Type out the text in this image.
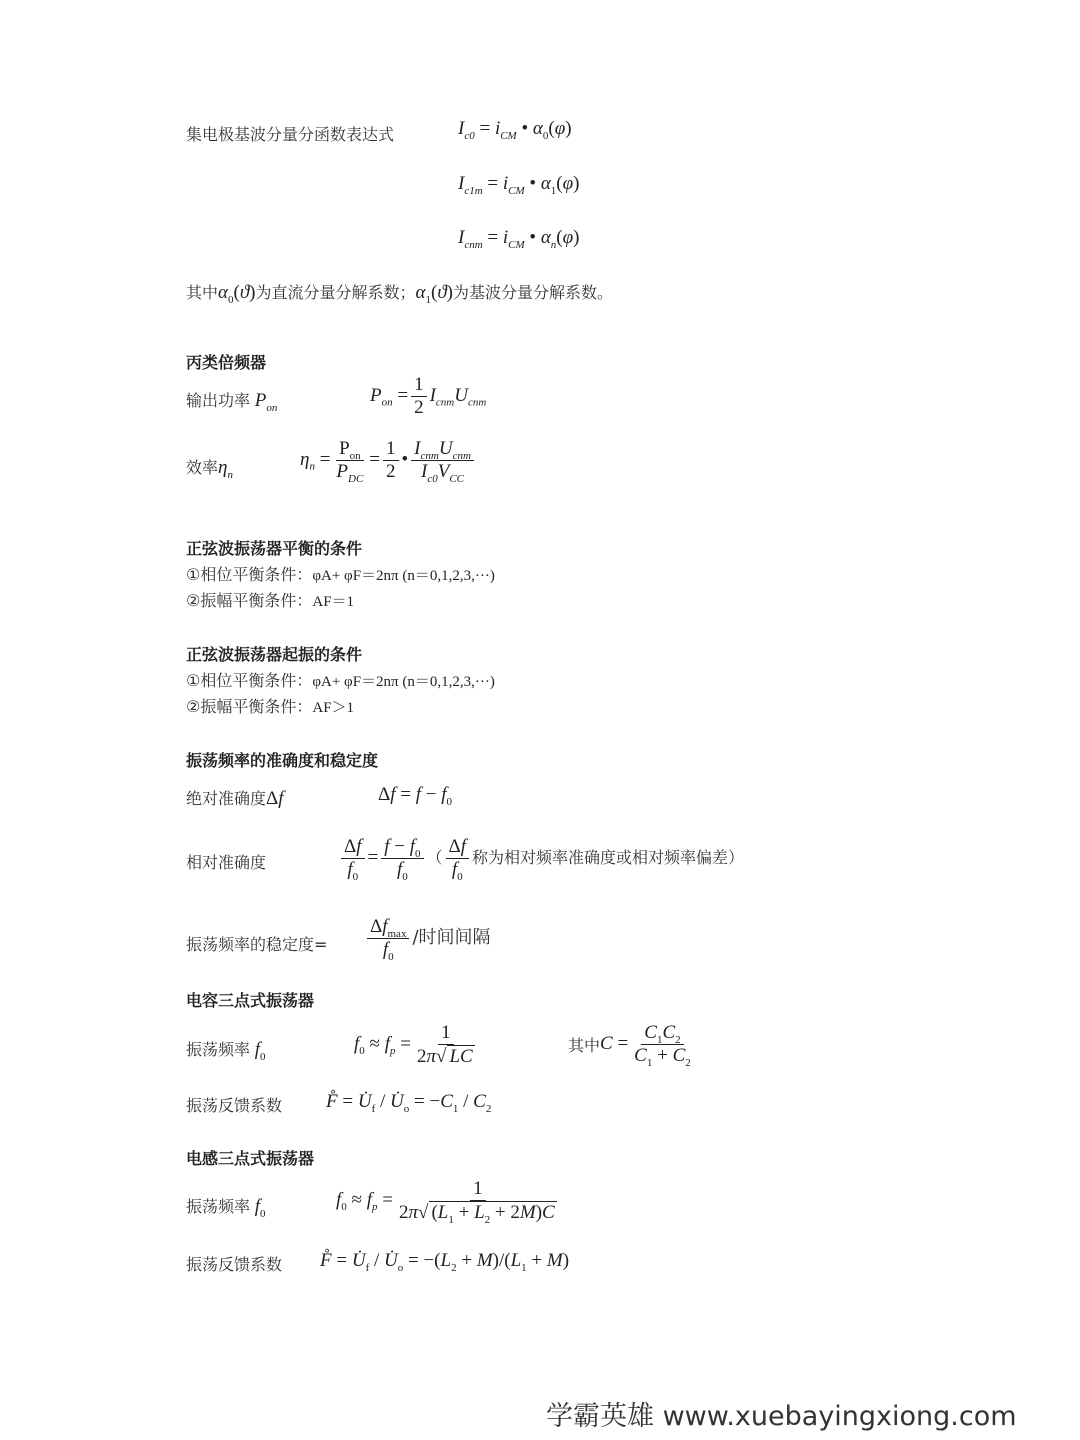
集电极基波分量分函数表达式	$I_{c0} = i_{CM}$ • $\alpha_0(\varphi)$
$I_{c1m} = i_{CM}$ • $\alpha_1(\varphi)$
$I_{cnm} = i_{CM}$ • $\alpha_n(\varphi)$
其中$\alpha_0(ϑ)$为直流分量分解系数；$\alpha_1(ϑ)$为基波分量分解系数。
丙类倍频器
输出功率 $P_{on}$
$P_{on} = \frac{1}{2} I_{cnm}U_{cnm}$
效率$\eta_n$
$\eta_n = \frac{P_{on}}{P_{DC}} = \frac{1}{2}$ • $\frac{I_{cnm}U_{cnm}}{I_{c0}V_{CC}}$
正弦波振荡器平衡的条件
①相位平衡条件：φA+ φF＝2nπ (n＝0,1,2,3,···)
②振幅平衡条件：AF＝1
正弦波振荡器起振的条件
①相位平衡条件：φA+ φF＝2nπ (n＝0,1,2,3,···)
②振幅平衡条件：AF＞1
振荡频率的准确度和稳定度
绝对准确度Δf	$\Delta f = f - f_0$
相对准确度	$\frac{\Delta f}{f_0} = \frac{f - f_0}{f_0}$ （ $\frac{\Delta f}{f_0}$ 称为相对频率准确度或相对频率偏差）
振荡频率的稳定度= $\frac{\Delta f_{max}}{f_0}$ /时间间隔
电容三点式振荡器
振荡频率 $f_0$
$f_0 \approx f_p = \frac{1}{2\pi√ LC}$	其中$C = \frac{C_1C_2}{C_1 + C_2}$
振荡反馈系数 F̊ = $U̇_f$ / $U̇_o = -C_1 / C_2$
电感三点式振荡器
振荡频率 $f_0$
$f_0 \approx f_p = \frac{1}{2\pi√ (L_1 + L_2 + 2M)C}$
振荡反馈系数 F̊ = $U̇_f$ / $U̇_o = -(L_2 + M)/(L_1 + M)$
学霸英雄 www.xuebayingxiong.com
